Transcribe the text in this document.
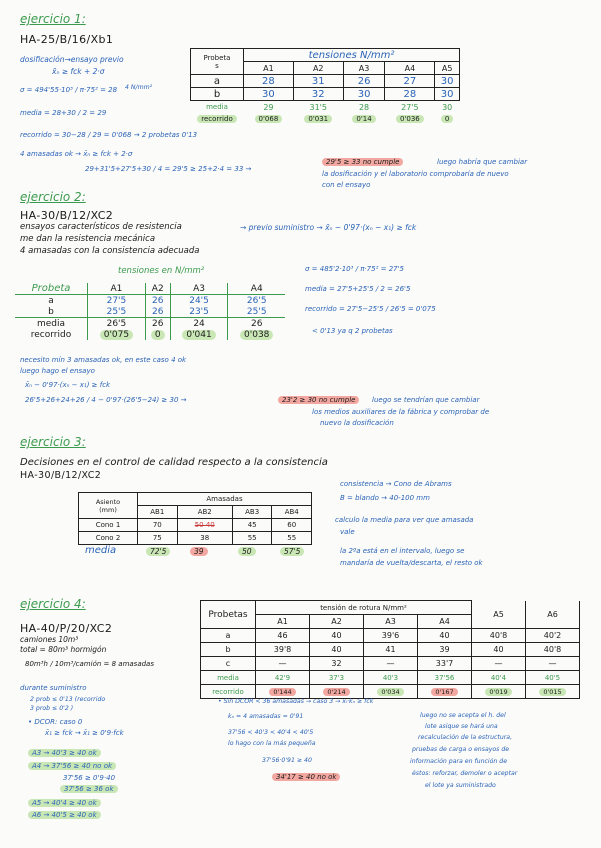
ejercicio 1:
HA-25/B/16/Xb1
dosificación→ensayo previo
x̄ₙ ≥ fck + 2·σ
4 N/mm²
σ = 494'55·10³ / π·75² = 28
media = 28+30 / 2 = 29
recorrido = 30−28 / 29 = 0'068 → 2 probetas 0'13
4 amasadas ok → x̄ₙ ≥ fck + 2·σ
29+31'5+27'5+30 / 4 = 29'5 ≥ 25+2·4 = 33 →
29'5 ≥ 33 no cumple	luego habría que cambiar
la dosificación y el laboratorio comprobaría de nuevo
con el ensayo
Probeta
s	tensiones N/mm²				
	A1	A2	A3	A4	A5
a	28	31	26	27	30
b	30	32	30	28	30
media	29	31'5	28	27'5	30
recorrido	0'068	0'031	0'14	0'036	0
ejercicio 2:
HA-30/B/12/XC2
ensayos característicos de resistencia	→ previo suministro → x̄ₙ − 0'97·(xₙ − x₁) ≥ fck
me dan la resistencia mecánica
4 amasadas con la consistencia adecuada
tensiones en N/mm²
Probeta	A1	A2	A3	A4
a	27'5	26	24'5	26'5
b	25'5	26	23'5	25'5
media	26'5	26	24	26
recorrido	0'075	0	0'041	0'038
σ = 485'2·10³ / π·75² = 27'5
media = 27'5+25'5 / 2 = 26'5
recorrido = 27'5−25'5 / 26'5 = 0'075
< 0'13 ya q 2 probetas
necesito mín 3 amasadas ok, en este caso 4 ok
luego hago el ensayo
x̄ₙ − 0'97·(xₙ − x₁) ≥ fck
26'5+26+24+26 / 4 − 0'97·(26'5−24) ≥ 30 →	23'2 ≥ 30 no cumple	luego se tendrían que cambiar
los medios auxiliares de la fábrica y comprobar de
nuevo la dosificación
ejercicio 3:
Decisiones en el control de calidad respecto a la consistencia
HA-30/B/12/XC2
Asiento
(mm)	Amasadas			
	AB1	AB2	AB3	AB4
Cono 1	70	50 40	45	60
Cono 2	75	38	55	55
media	72'5	39	50	57'5
consistencia → Cono de Abrams
B = blando → 40-100 mm
calculo la media para ver que amasada
vale
la 2ºa está en el intervalo, luego se
mandaría de vuelta/descarta, el resto ok
ejercicio 4:
HA-40/P/20/XC2
camiones 10m³
total = 80m³ hormigón
80m³h / 10m³/camión = 8 amasadas
durante suministro
2 prob ≤ 0'13 (recorrido
3 prob ≤ 0'2 )
• DCOR: caso 0
x̄₁ ≥ fck → x̄₁ ≥ 0'9·fck
A3 → 40'3 ≥ 40 ok
A4 → 37'56 ≥ 40 no ok
37'56 ≥ 0'9·40
37'56 ≥ 36 ok
A5 → 40'4 ≥ 40 ok
A6 → 40'5 ≥ 40 ok
Probetas	tensión de rotura N/mm²				A5	A6
	A1	A2	A3	A4		
a	46	40	39'6	40	40'8	40'2
b	39'8	40	41	39	40	40'8
c	—	32	—	33'7	—	—
media	42'9	37'3	40'3	37'56	40'4	40'5
recorrido	0'144	0'214	0'034	0'167	0'019	0'015
• Sin DCOR < 36 amasadas → caso 3 → xᵢ·kₙ ≥ fck
kₙ = 4 amasadas = 0'91
37'56 < 40'3 < 40'4 < 40'5
lo hago con la más pequeña
37'56·0'91 ≥ 40
34'17 ≥ 40 no ok
luego no se acepta el h. del
lote asique se hará una
recalculación de la estructura,
pruebas de carga o ensayos de
información para en función de
éstos: reforzar, demoler o aceptar
el lote ya suministrado
